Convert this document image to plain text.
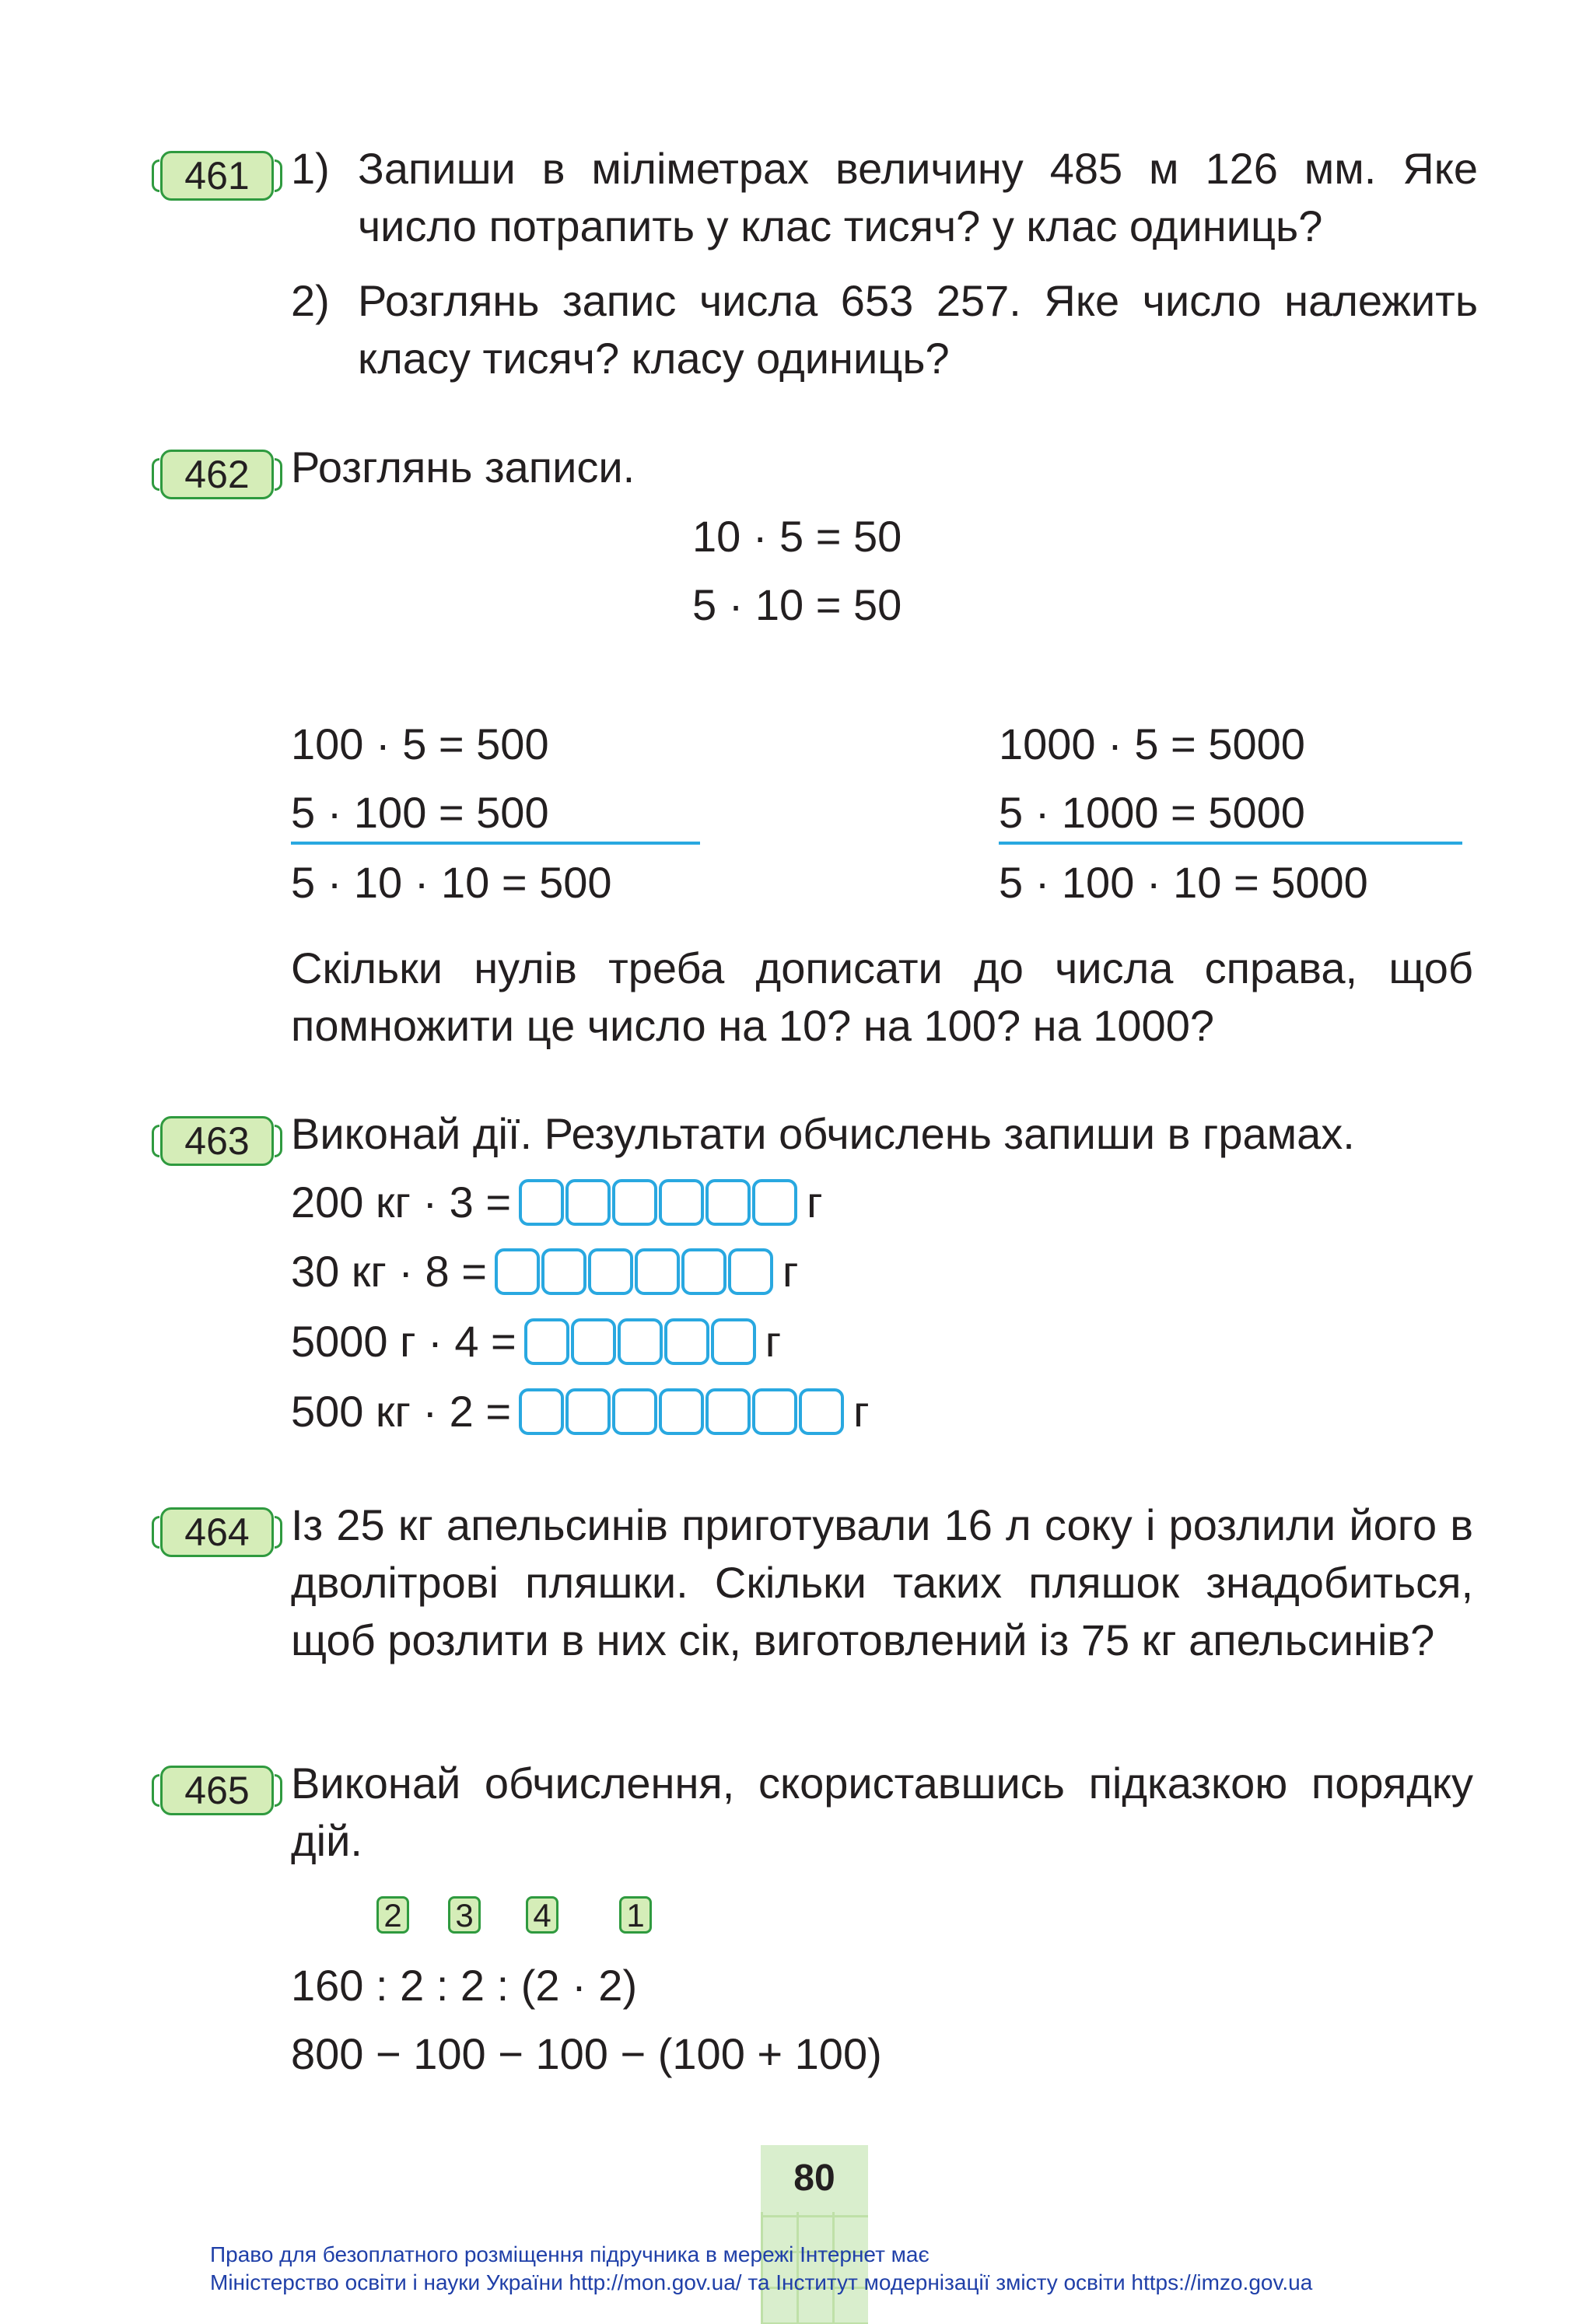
461 1) Запиши в міліметрах величину 485 м 126 мм. Яке число потрапить у клас тисяч? у клас одиниць?

2) Розглянь запис числа 653 257. Яке число належить класу тисяч? класу одиниць?

462 Розглянь записи.

10 · 5 = 50
5 · 10 = 50
100 · 5 = 500
5 · 100 = 500
5 · 10 · 10 = 500
1000 · 5 = 5000
5 · 1000 = 5000
5 · 100 · 10 = 5000

Скільки нулів треба дописати до числа справа, щоб помножити це число на 10? на 100? на 1000?

463 Виконай дії. Результати обчислень запиши в грамах.

200 кг · 3 =	г
30 кг · 8 =	г
5000 г · 4 =	г
500 кг · 2 =	г
464 Із 25 кг апельсинів приготували 16 л соку і розлили його в дволітрові пляшки. Скільки таких пляшок знадобиться, щоб розлити в них сік, виготовлений із 75 кг апельсинів?

465 Виконай обчислення, скориставшись підказкою порядку дій.

2 3 4 1
160 : 2 : 2 : (2 · 2)
800 − 100 − 100 − (100 + 100)
80
Право для безоплатного розміщення підручника в мережі Інтернет має
Міністерство освіти і науки України http://mon.gov.ua/ та Інститут модернізації змісту освіти https://imzo.gov.ua
